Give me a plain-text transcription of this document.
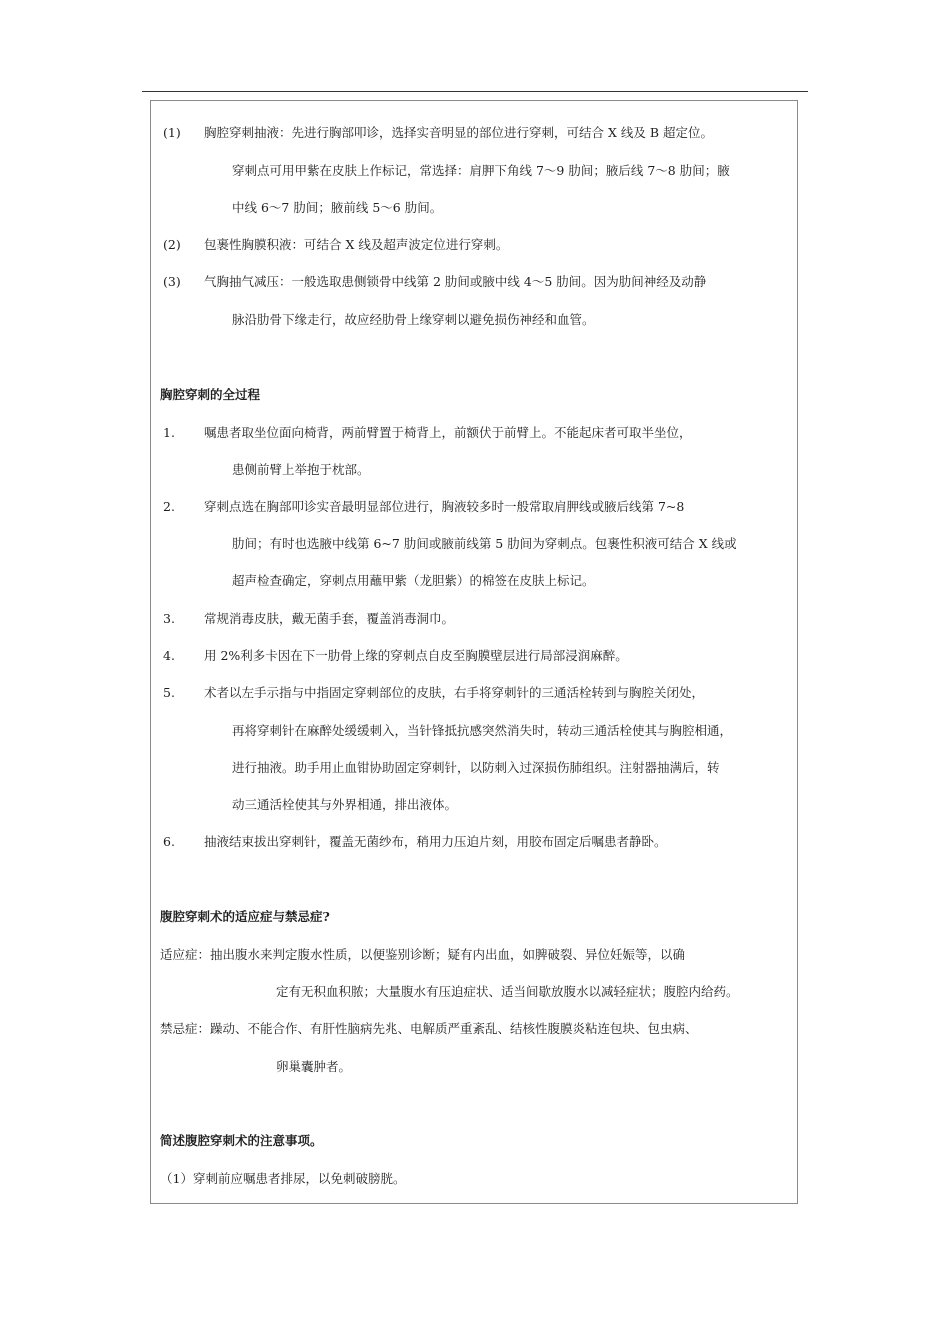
(1) 胸腔穿刺抽液：先进行胸部叩诊，选择实音明显的部位进行穿刺，可结合 X 线及 B 超定位。
穿刺点可用甲紫在皮肤上作标记，常选择：肩胛下角线 7～9 肋间；腋后线 7～8 肋间；腋
中线 6～7 肋间；腋前线 5～6 肋间。
(2) 包裹性胸膜积液：可结合 X 线及超声波定位进行穿刺。
(3) 气胸抽气减压：一般选取患侧锁骨中线第 2 肋间或腋中线 4～5 肋间。因为肋间神经及动静
脉沿肋骨下缘走行，故应经肋骨上缘穿刺以避免损伤神经和血管。
胸腔穿刺的全过程
1. 嘱患者取坐位面向椅背，两前臂置于椅背上，前额伏于前臂上。不能起床者可取半坐位，
患侧前臂上举抱于枕部。
2. 穿刺点选在胸部叩诊实音最明显部位进行，胸液较多时一般常取肩胛线或腋后线第 7~8
肋间；有时也选腋中线第 6~7 肋间或腋前线第 5 肋间为穿刺点。包裹性积液可结合 X 线或
超声检查确定，穿刺点用蘸甲紫（龙胆紫）的棉签在皮肤上标记。
3. 常规消毒皮肤，戴无菌手套，覆盖消毒洞巾。
4. 用 2%利多卡因在下一肋骨上缘的穿刺点自皮至胸膜壁层进行局部浸润麻醉。
5. 术者以左手示指与中指固定穿刺部位的皮肤，右手将穿刺针的三通活栓转到与胸腔关闭处，
再将穿刺针在麻醉处缓缓刺入，当针锋抵抗感突然消失时，转动三通活栓使其与胸腔相通，
进行抽液。助手用止血钳协助固定穿刺针，以防刺入过深损伤肺组织。注射器抽满后，转
动三通活栓使其与外界相通，排出液体。
6. 抽液结束拔出穿刺针，覆盖无菌纱布，稍用力压迫片刻，用胶布固定后嘱患者静卧。
腹腔穿刺术的适应症与禁忌症?
适应症：抽出腹水来判定腹水性质，以便鉴别诊断；疑有内出血，如脾破裂、异位妊娠等，以确
定有无积血积脓；大量腹水有压迫症状、适当间歇放腹水以减轻症状；腹腔内给药。
禁忌症：躁动、不能合作、有肝性脑病先兆、电解质严重紊乱、结核性腹膜炎粘连包块、包虫病、
卵巢囊肿者。
简述腹腔穿刺术的注意事项。
（1）穿刺前应嘱患者排尿，以免刺破膀胱。
